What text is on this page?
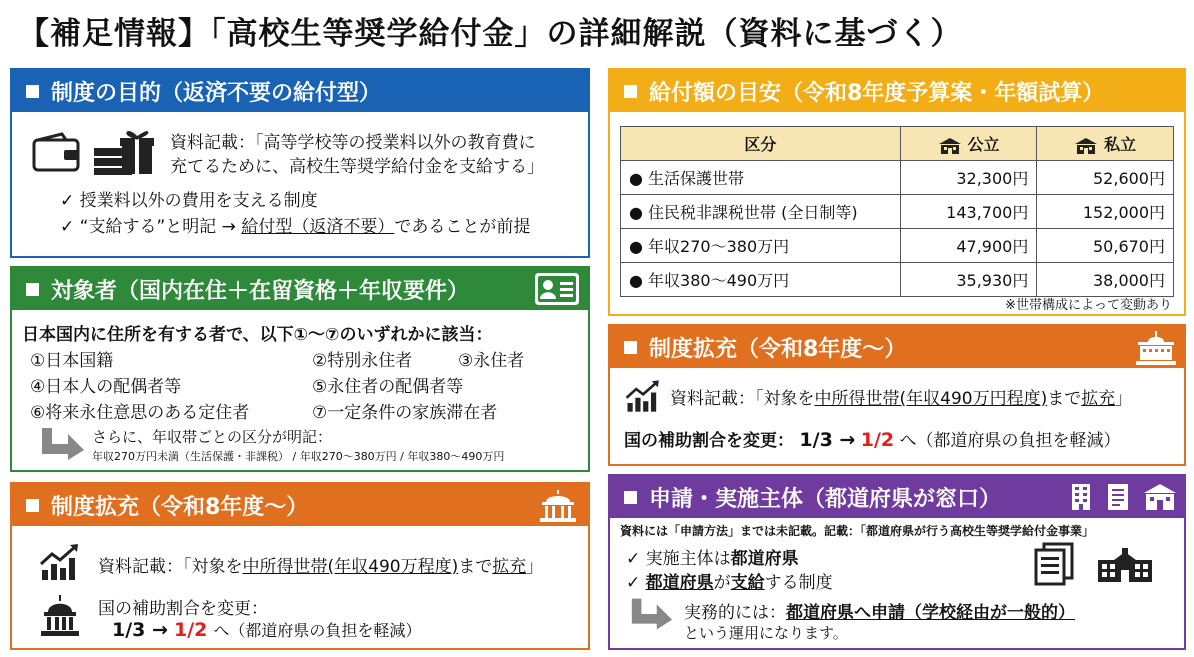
【補足情報】「高校生等奨学給付金」の詳細解説（資料に基づく）
制度の目的（返済不要の給付型）
資料記載：「高等学校等の授業料以外の教育費に
充てるために、高校生等奨学給付金を支給する」
✓ 授業料以外の費用を支える制度
✓ “支給する”と明記 → 給付型（返済不要）であることが前提
対象者（国内在住＋在留資格＋年収要件）
日本国内に住所を有する者で、以下①～⑦のいずれかに該当：
①日本国籍	②特別永住者	③永住者
④日本人の配偶者等	⑤永住者の配偶者等
⑥将来永住意思のある定住者	⑦一定条件の家族滞在者
さらに、年収帯ごとの区分が明記：
年収270万円未満（生活保護・非課税） / 年収270～380万円 / 年収380～490万円
制度拡充（令和8年度～）
資料記載：「対象を中所得世帯(年収490万程度)まで拡充」
国の補助割合を変更：
1/3 → 1/2 へ（都道府県の負担を軽減）
給付額の目安（令和8年度予算案・年額試算）
区分	公立	私立
● 生活保護世帯	32,300円	52,600円
● 住民税非課税世帯 (全日制等)	143,700円	152,000円
● 年収270～380万円	47,900円	50,670円
● 年収380～490万円	35,930円	38,000円
※世帯構成によって変動あり
制度拡充（令和8年度～）
資料記載：「対象を中所得世帯(年収490万円程度)まで拡充」
国の補助割合を変更： 1/3 → 1/2 へ（都道府県の負担を軽減）
申請・実施主体（都道府県が窓口）
資料には「申請方法」までは未記載。記載：「都道府県が行う高校生等奨学給付金事業」
✓ 実施主体は都道府県
✓ 都道府県が支給する制度
実務的には：都道府県へ申請（学校経由が一般的）
という運用になります。
